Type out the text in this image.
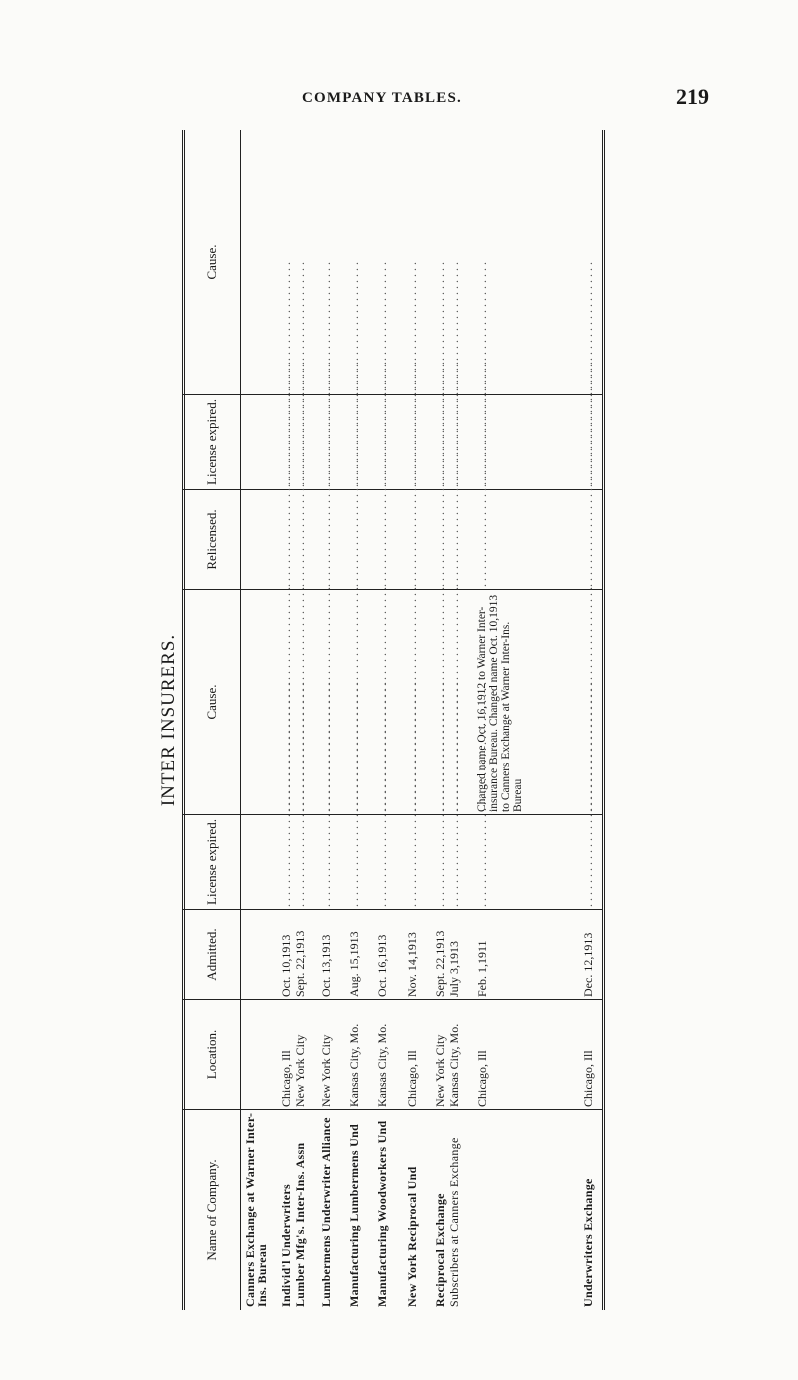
COMPANY TABLES.	219
INTER INSURERS.
Name of Company.
Location.
Admitted.
License expired.
Cause.
Relicensed.
License expired.
Cause.
Canners Exchange at Warner Inter-Ins. Bureau Individ'l Underwriters
Chicago, Ill
Oct. 10,1913
. . .
. . .
. . .
. . .
Lumber Mfg's. Inter-Ins. Assn
New York City
Sept. 22,1913
. . .
. . .
. . .
. . .
Lumbermens Underwriter Alliance
New York City
Oct. 13,1913
. . .
. . .
. . .
. . .
Manufacturing Lumbermens Und
Kansas City, Mo.
Aug. 15,1913
. . .
. . .
. . .
. . .
Manufacturing Woodworkers Und
Kansas City, Mo.
Oct. 16,1913
. . .
. . .
. . .
. . .
New York Reciprocal Und
Chicago, Ill
Nov. 14,1913
. . .
. . .
. . .
. . .
Reciprocal Exchange
New York City
Sept. 22,1913
. . .
. . .
. . .
. . .
Subscribers at Canners Exchange
Kansas City, Mo.
July 3,1913
. . .
. . .
. . .
. . .
Chicago, Ill
Feb. 1,1911
. . .
Charged name Oct. 16,1912 to Warner Inter-insurance Bureau. Changed name Oct. 10,1913 to Canners Exchange at Warner Inter-Ins. Bureau
. . .
. . .
Underwriters Exchange
Chicago, Ill
Dec. 12,1913
. . .
. . .
. . .
. . .
